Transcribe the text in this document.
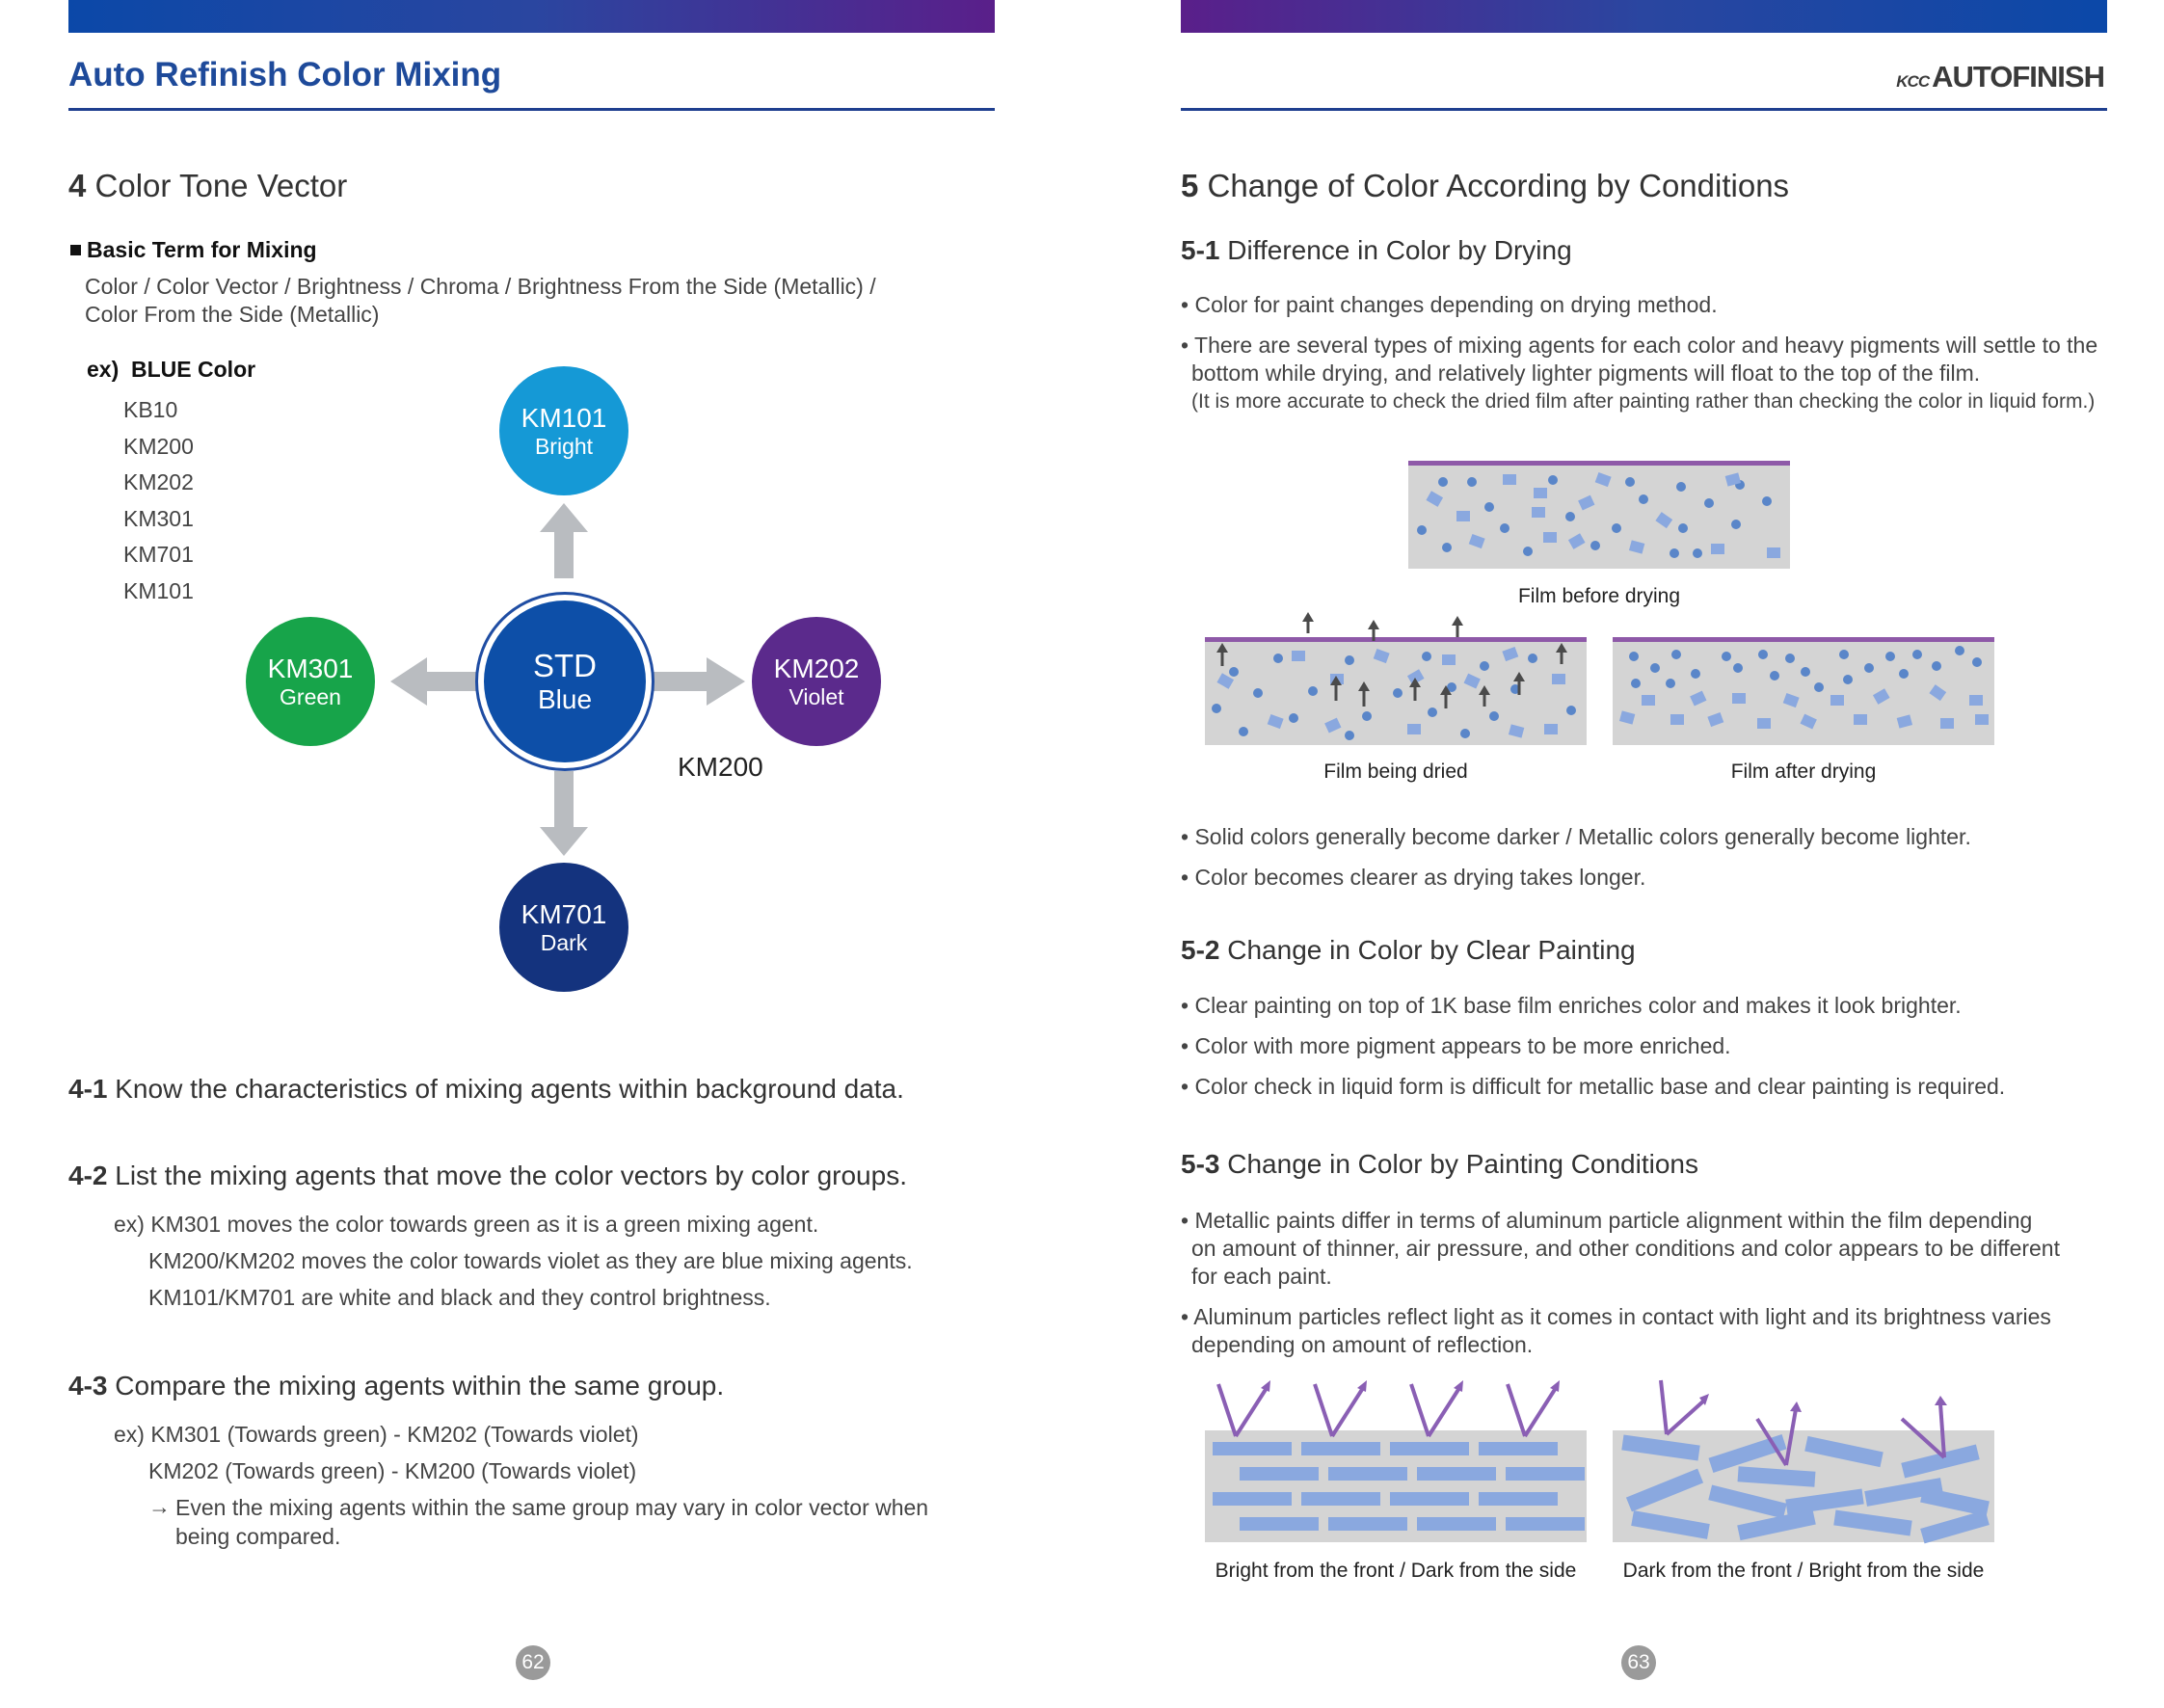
Auto Refinish Color Mixing
4 Color Tone Vector
Basic Term for Mixing
Color / Color Vector / Brightness / Chroma / Brightness From the Side (Metallic) /
Color From the Side (Metallic)
ex)  BLUE Color
KB10
KM200
KM202
KM301
KM701
KM101
STD
Blue
KM101
Bright
KM301
Green
KM202
Violet
KM701
Dark
KM200
4-1 Know the characteristics of mixing agents within background data.
4-2 List the mixing agents that move the color vectors by color groups.
ex) KM301 moves the color towards green as it is a green mixing agent.
KM200/KM202 moves the color towards violet as they are blue mixing agents.
KM101/KM701 are white and black and they control brightness.
4-3 Compare the mixing agents within the same group.
ex) KM301 (Towards green) - KM202 (Towards violet)
KM202 (Towards green) - KM200 (Towards violet)
→ Even the mixing agents within the same group may vary in color vector when
being compared.
62
KCCAUTOFINISH
5 Change of Color According by Conditions
5-1 Difference in Color by Drying
• Color for paint changes depending on drying method.
• There are several types of mixing agents for each color and heavy pigments will settle to the
bottom while drying, and relatively lighter pigments will float to the top of the film.
(It is more accurate to check the dried film after painting rather than checking the color in liquid form.)
Film before drying
Film being dried	Film after drying
• Solid colors generally become darker / Metallic colors generally become lighter.
• Color becomes clearer as drying takes longer.
5-2 Change in Color by Clear Painting
• Clear painting on top of 1K base film enriches color and makes it look brighter.
• Color with more pigment appears to be more enriched.
• Color check in liquid form is difficult for metallic base and clear painting is required.
5-3 Change in Color by Painting Conditions
• Metallic paints differ in terms of aluminum particle alignment within the film depending
on amount of thinner, air pressure, and other conditions and color appears to be different
for each paint.
• Aluminum particles reflect light as it comes in contact with light and its brightness varies
depending on amount of reflection.
Bright from the front / Dark from the side	Dark from the front / Bright from the side
63
